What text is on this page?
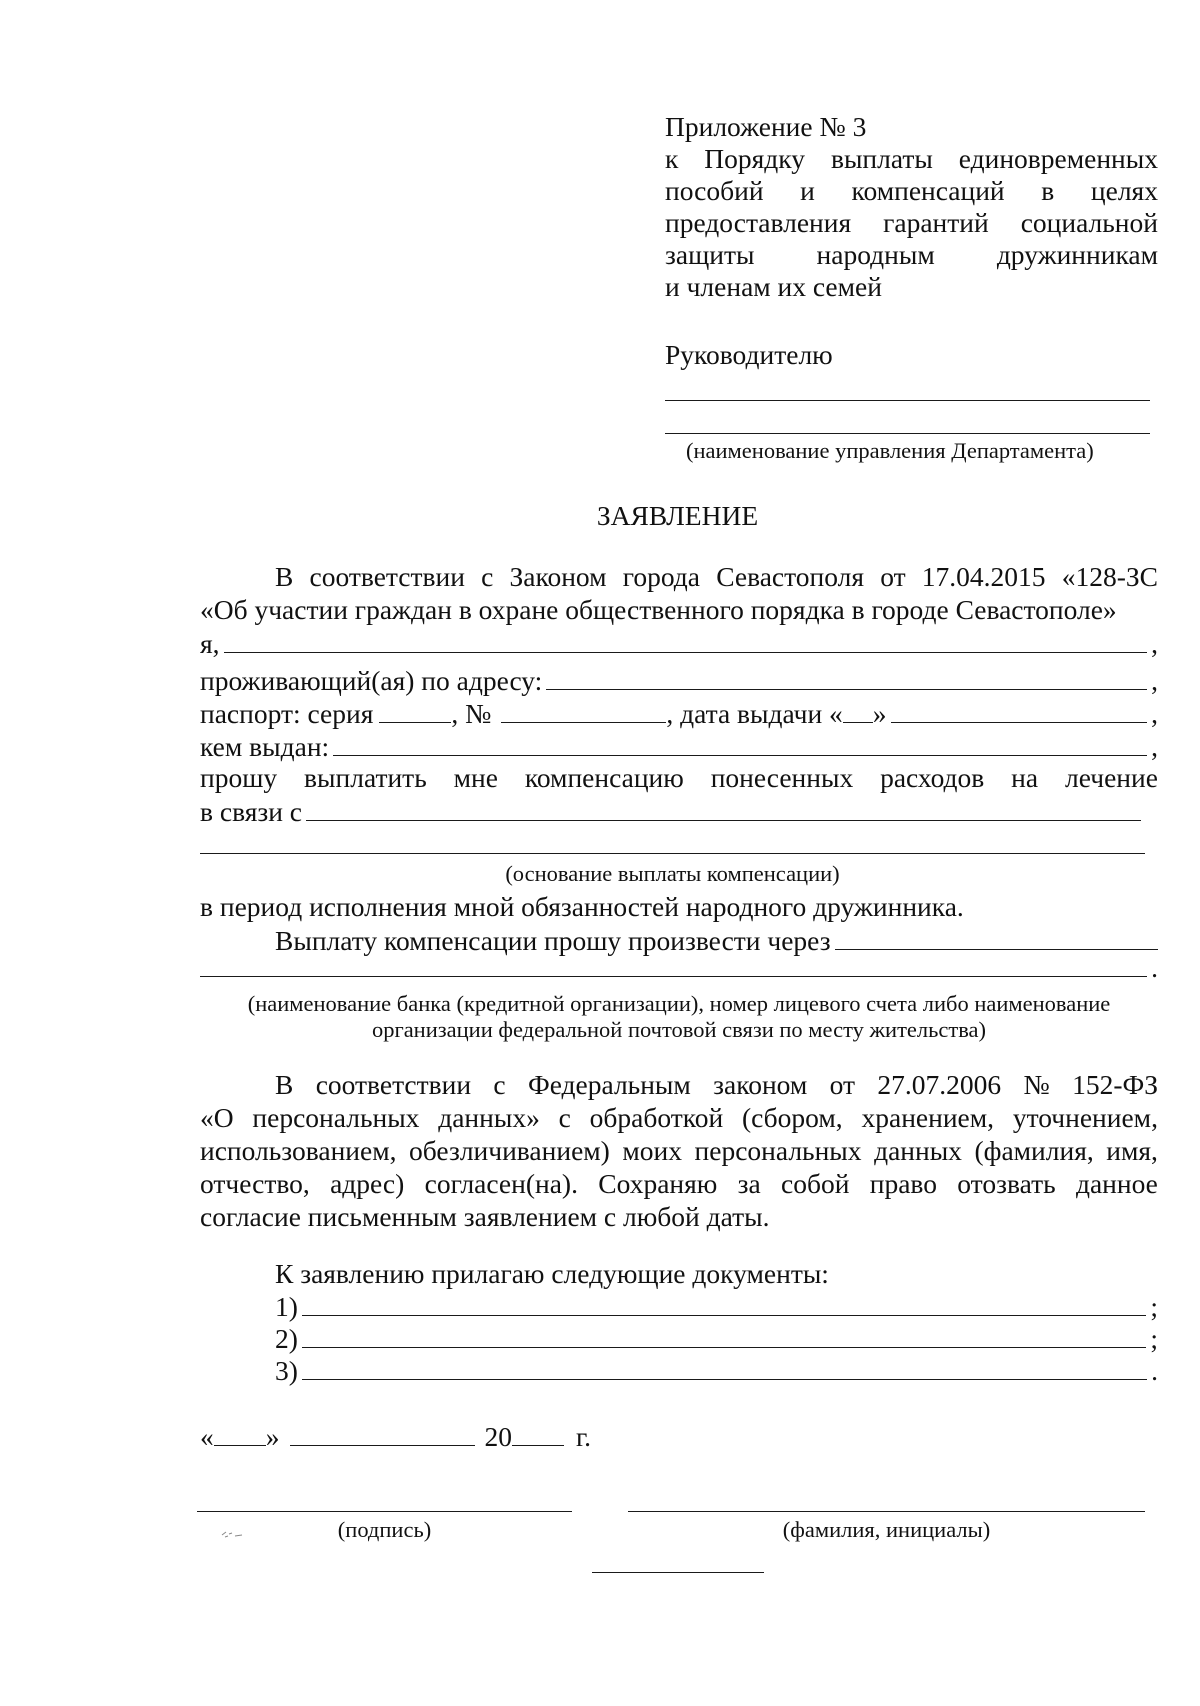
Приложение № 3
к Порядку выплаты единовременных
пособий и компенсаций в целях
предоставления гарантий социальной
защиты народным дружинникам
и членам их семей
Руководителю
(наименование управления Департамента)
ЗАЯВЛЕНИЕ
В соответствии с Законом города Севастополя от 17.04.2015 «128-ЗС
«Об участии граждан в охране общественного порядка в городе Севастополе»
я,	,
проживающий(ая) по адресу:	,
паспорт: серия	, №	, дата выдачи « »	,
кем выдан:	,
прошу выплатить мне компенсацию понесенных расходов на лечение
в связи с
(основание выплаты компенсации)
в период исполнения мной обязанностей народного дружинника.
Выплату компенсации прошу произвести через
.
(наименование банка (кредитной организации), номер лицевого счета либо наименование
организации федеральной почтовой связи по месту жительства)
В соответствии с Федеральным законом от 27.07.2006 № 152-ФЗ
«О персональных данных» с обработкой (сбором, хранением, уточнением,
использованием, обезличиванием) моих персональных данных (фамилия, имя,
отчество, адрес) согласен(на). Сохраняю за собой право отозвать данное
согласие письменным заявлением с любой даты.
К заявлению прилагаю следующие документы:
1)	;
2)	;
3)	.
« »	20 г.
(подпись)	(фамилия, инициалы)
